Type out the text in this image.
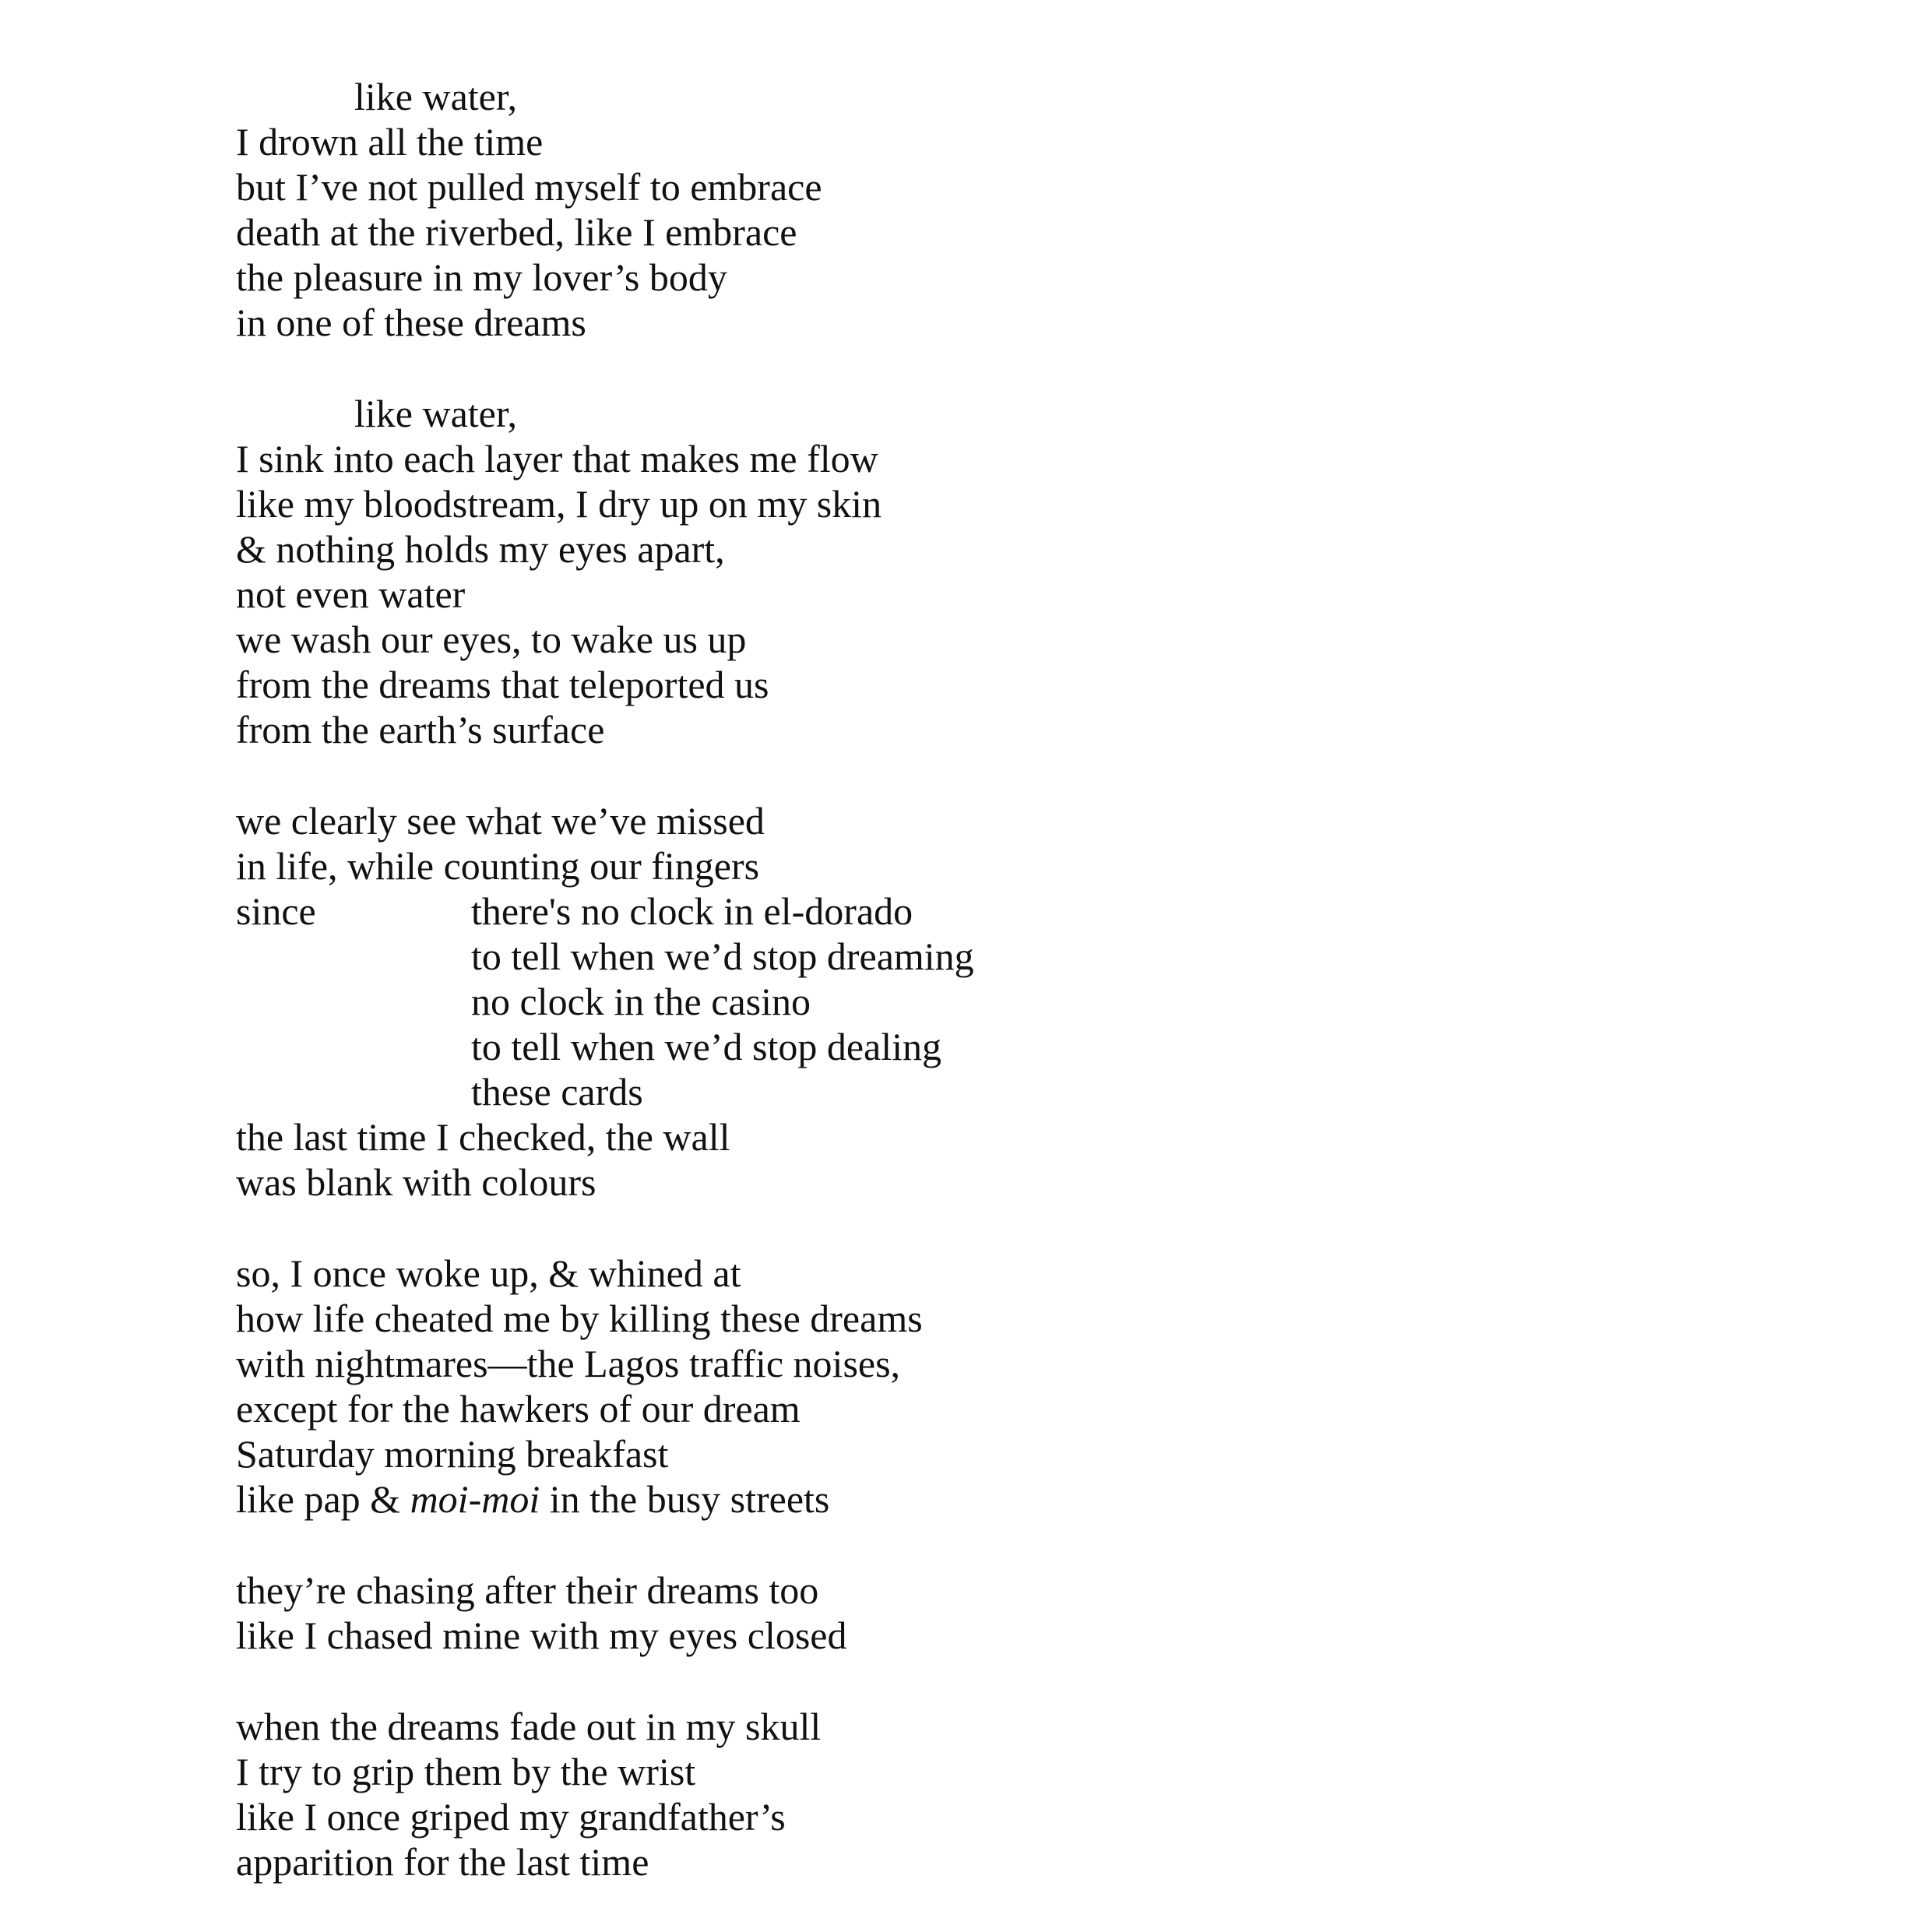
like water,
I drown all the time
but I’ve not pulled myself to embrace
death at the riverbed, like I embrace
the pleasure in my lover’s body
in one of these dreams
like water,
I sink into each layer that makes me flow
like my bloodstream, I dry up on my skin
& nothing holds my eyes apart,
not even water
we wash our eyes, to wake us up
from the dreams that teleported us
from the earth’s surface
we clearly see what we’ve missed
in life, while counting our fingers
since	there's no clock in el-dorado
to tell when we’d stop dreaming
no clock in the casino
to tell when we’d stop dealing
these cards
the last time I checked, the wall
was blank with colours
so, I once woke up, & whined at
how life cheated me by killing these dreams
with nightmares—the Lagos traffic noises,
except for the hawkers of our dream
Saturday morning breakfast
like pap & moi-moi in the busy streets
they’re chasing after their dreams too
like I chased mine with my eyes closed
when the dreams fade out in my skull
I try to grip them by the wrist
like I once griped my grandfather’s
apparition for the last time
